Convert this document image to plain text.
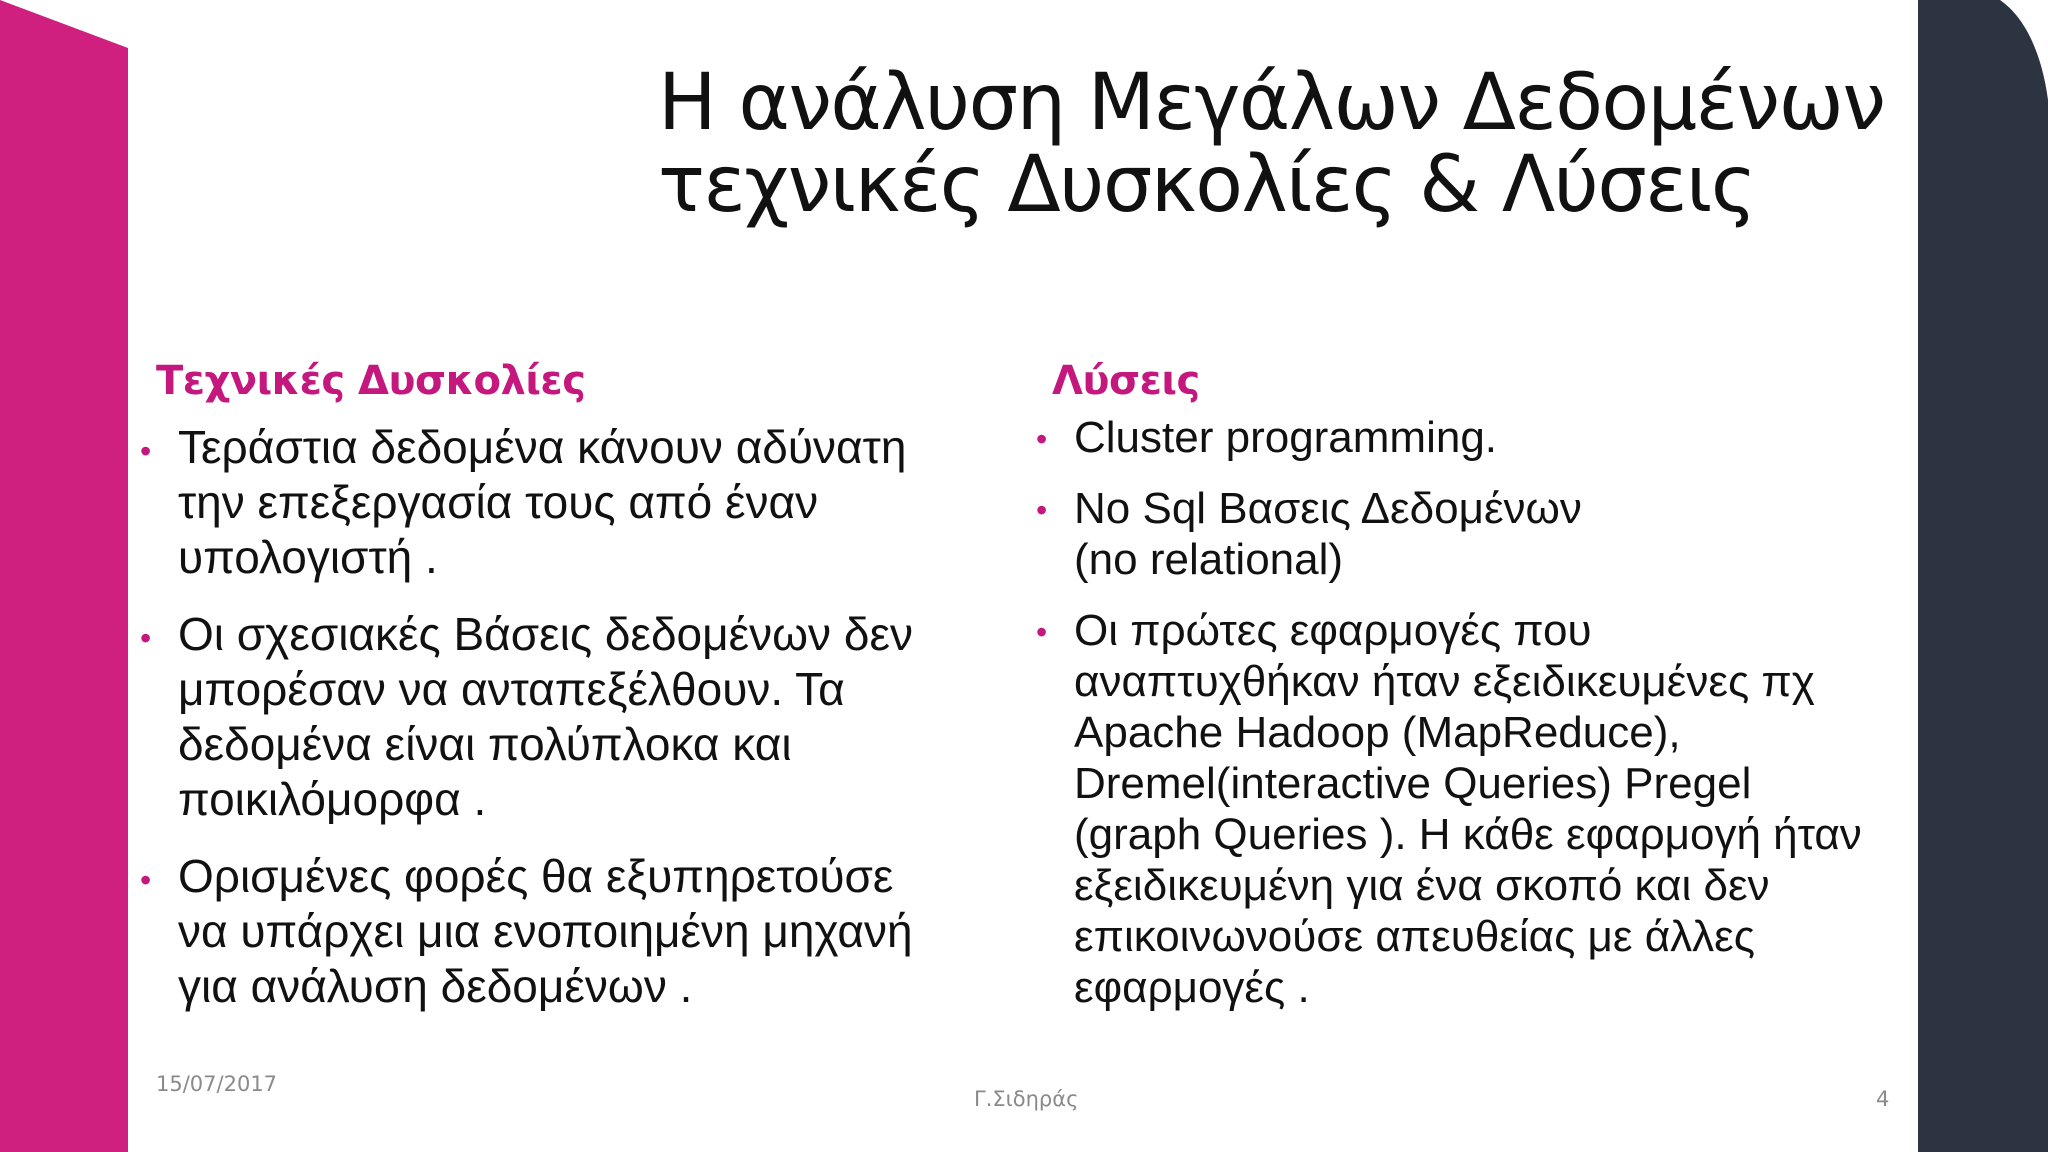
Η ανάλυση Μεγάλων Δεδομένων
τεχνικές Δυσκολίες & Λύσεις
Τεχνικές Δυσκολίες	Λύσεις
• Τεράστια δεδομένα κάνουν αδύνατη
την επεξεργασία τους από έναν
υπολογιστή .
• Οι σχεσιακές Βάσεις δεδομένων δεν
μπορέσαν να ανταπεξέλθουν. Τα
δεδομένα είναι πολύπλοκα και
ποικιλόμορφα .
• Ορισμένες φορές θα εξυπηρετούσε
να υπάρχει μια ενοποιημένη μηχανή
για ανάλυση δεδομένων .
• Cluster programming.
• No Sql Βασεις Δεδομένων
(no relational)
• Οι πρώτες εφαρμογές που
αναπτυχθήκαν ήταν εξειδικευμένες πχ
Apache Hadoop (MapReduce),
Dremel(interactive Queries) Pregel
(graph Queries ). Η κάθε εφαρμογή ήταν
εξειδικευμένη για ένα σκοπό και δεν
επικοινωνούσε απευθείας με άλλες
εφαρμογές .
15/07/2017
Γ.Σιδηράς	4
